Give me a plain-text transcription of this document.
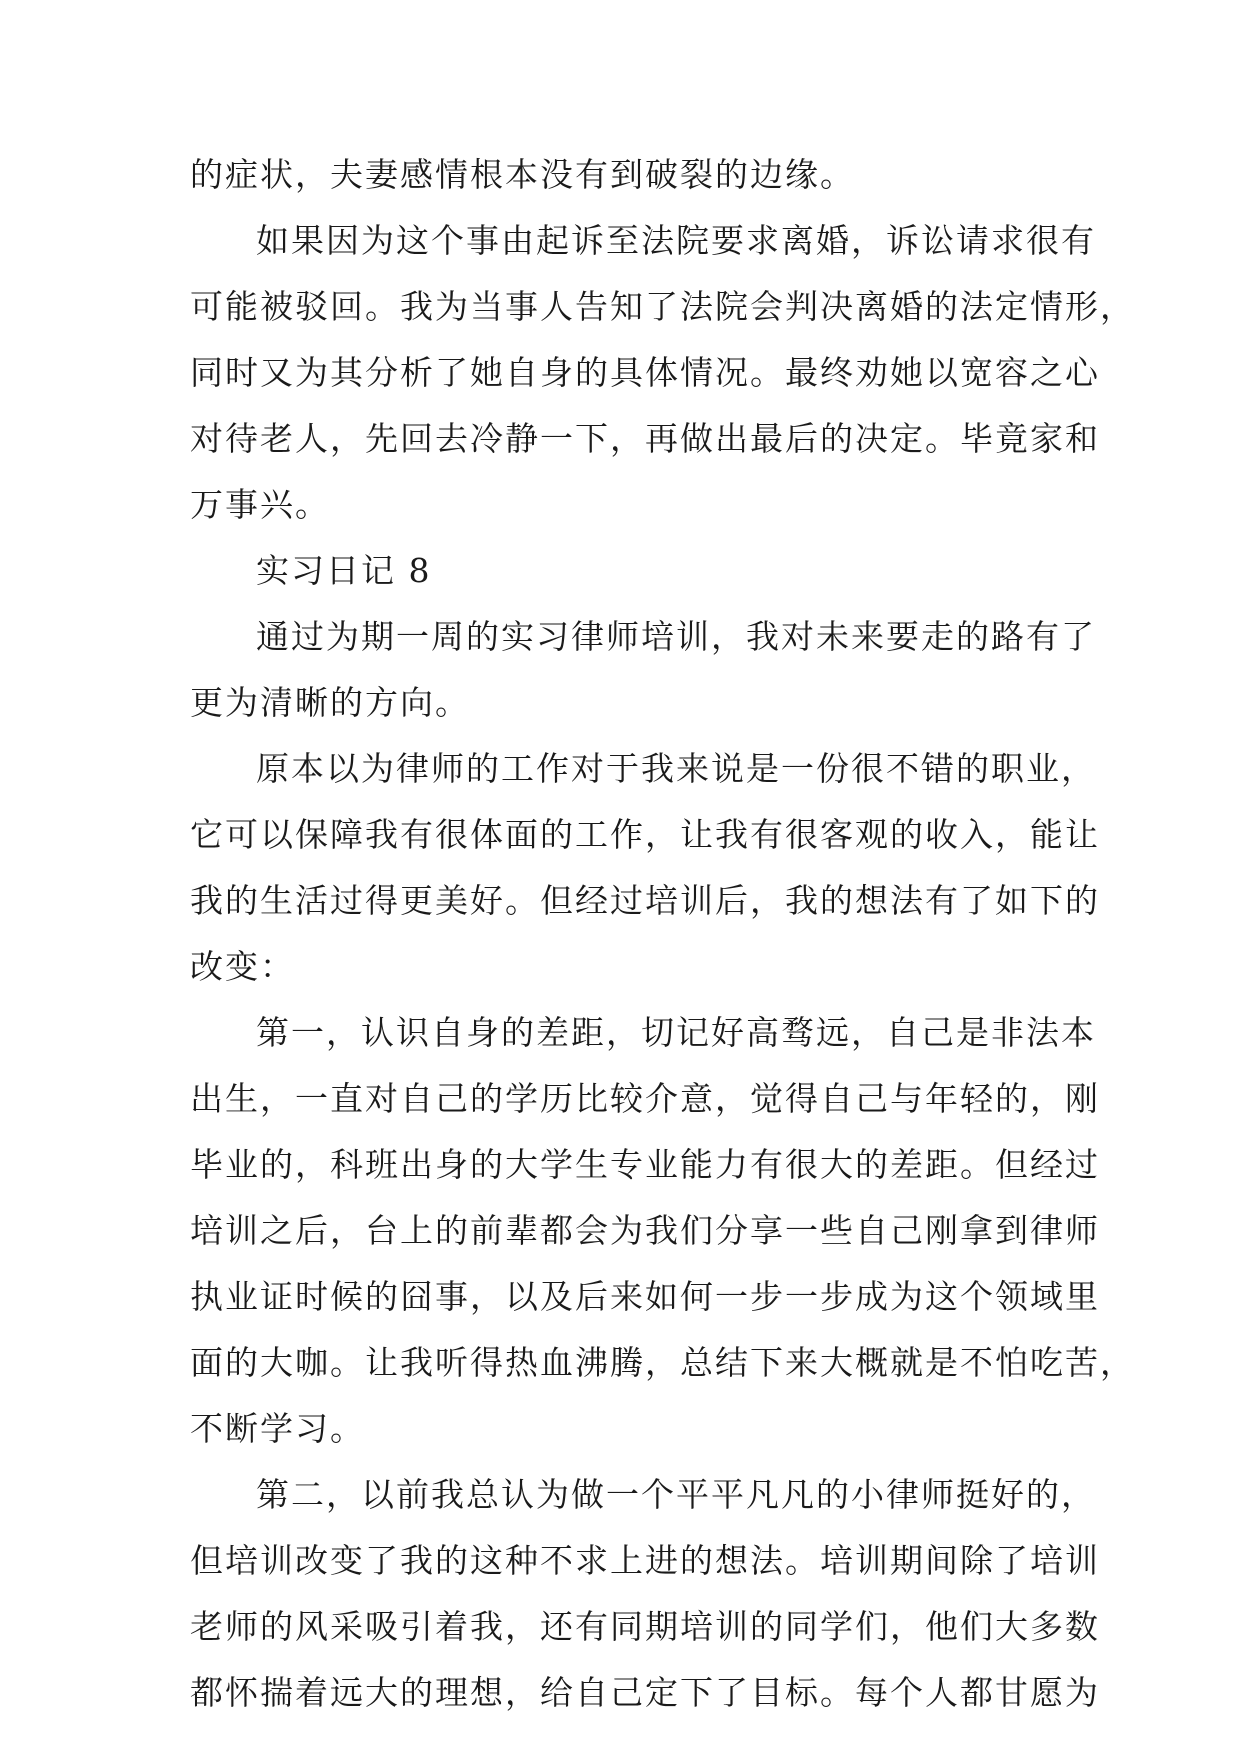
的症状，夫妻感情根本没有到破裂的边缘。
如果因为这个事由起诉至法院要求离婚，诉讼请求很有
可能被驳回。我为当事人告知了法院会判决离婚的法定情形，
同时又为其分析了她自身的具体情况。最终劝她以宽容之心
对待老人，先回去冷静一下，再做出最后的决定。毕竟家和
万事兴。
实习日记 8
通过为期一周的实习律师培训，我对未来要走的路有了
更为清晰的方向。
原本以为律师的工作对于我来说是一份很不错的职业，
它可以保障我有很体面的工作，让我有很客观的收入，能让
我的生活过得更美好。但经过培训后，我的想法有了如下的
改变：
第一，认识自身的差距，切记好高骛远，自己是非法本
出生，一直对自己的学历比较介意，觉得自己与年轻的，刚
毕业的，科班出身的大学生专业能力有很大的差距。但经过
培训之后，台上的前辈都会为我们分享一些自己刚拿到律师
执业证时候的囧事，以及后来如何一步一步成为这个领域里
面的大咖。让我听得热血沸腾，总结下来大概就是不怕吃苦，
不断学习。
第二，以前我总认为做一个平平凡凡的小律师挺好的，
但培训改变了我的这种不求上进的想法。培训期间除了培训
老师的风采吸引着我，还有同期培训的同学们，他们大多数
都怀揣着远大的理想，给自己定下了目标。每个人都甘愿为
